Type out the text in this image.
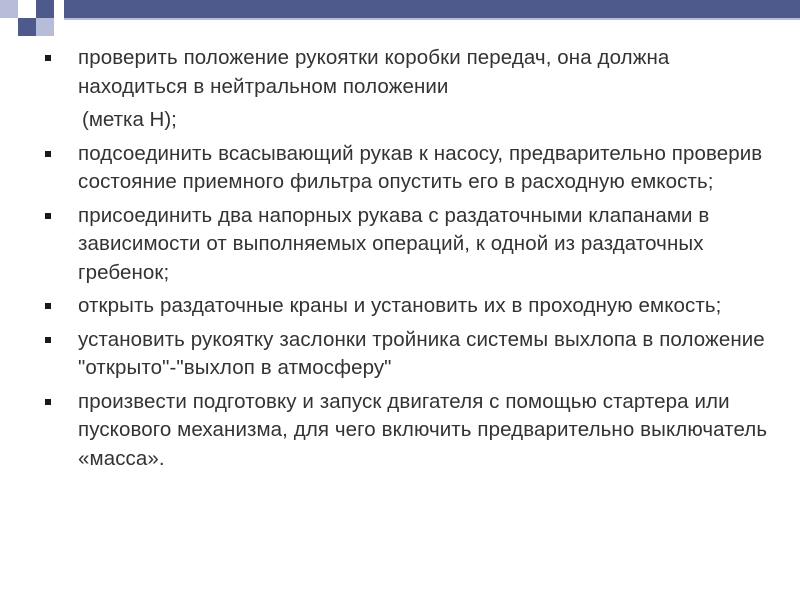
проверить положение рукоятки коробки передач, она должна находиться в нейтральном положении
(метка Н);
подсоединить всасывающий рукав к насосу, предварительно проверив состояние приемного фильтра опустить его в расходную емкость;
присоединить два напорных рукава с раздаточными клапанами в зависимости от выполняемых операций, к одной из раздаточных гребенок;
открыть раздаточные краны и установить их в проходную емкость;
установить рукоятку заслонки тройника системы выхлопа в положение "открыто"-"выхлоп в атмосферу"
произвести подготовку и запуск двигателя с помощью стартера или пускового механизма, для чего включить предварительно выключатель «масса».
